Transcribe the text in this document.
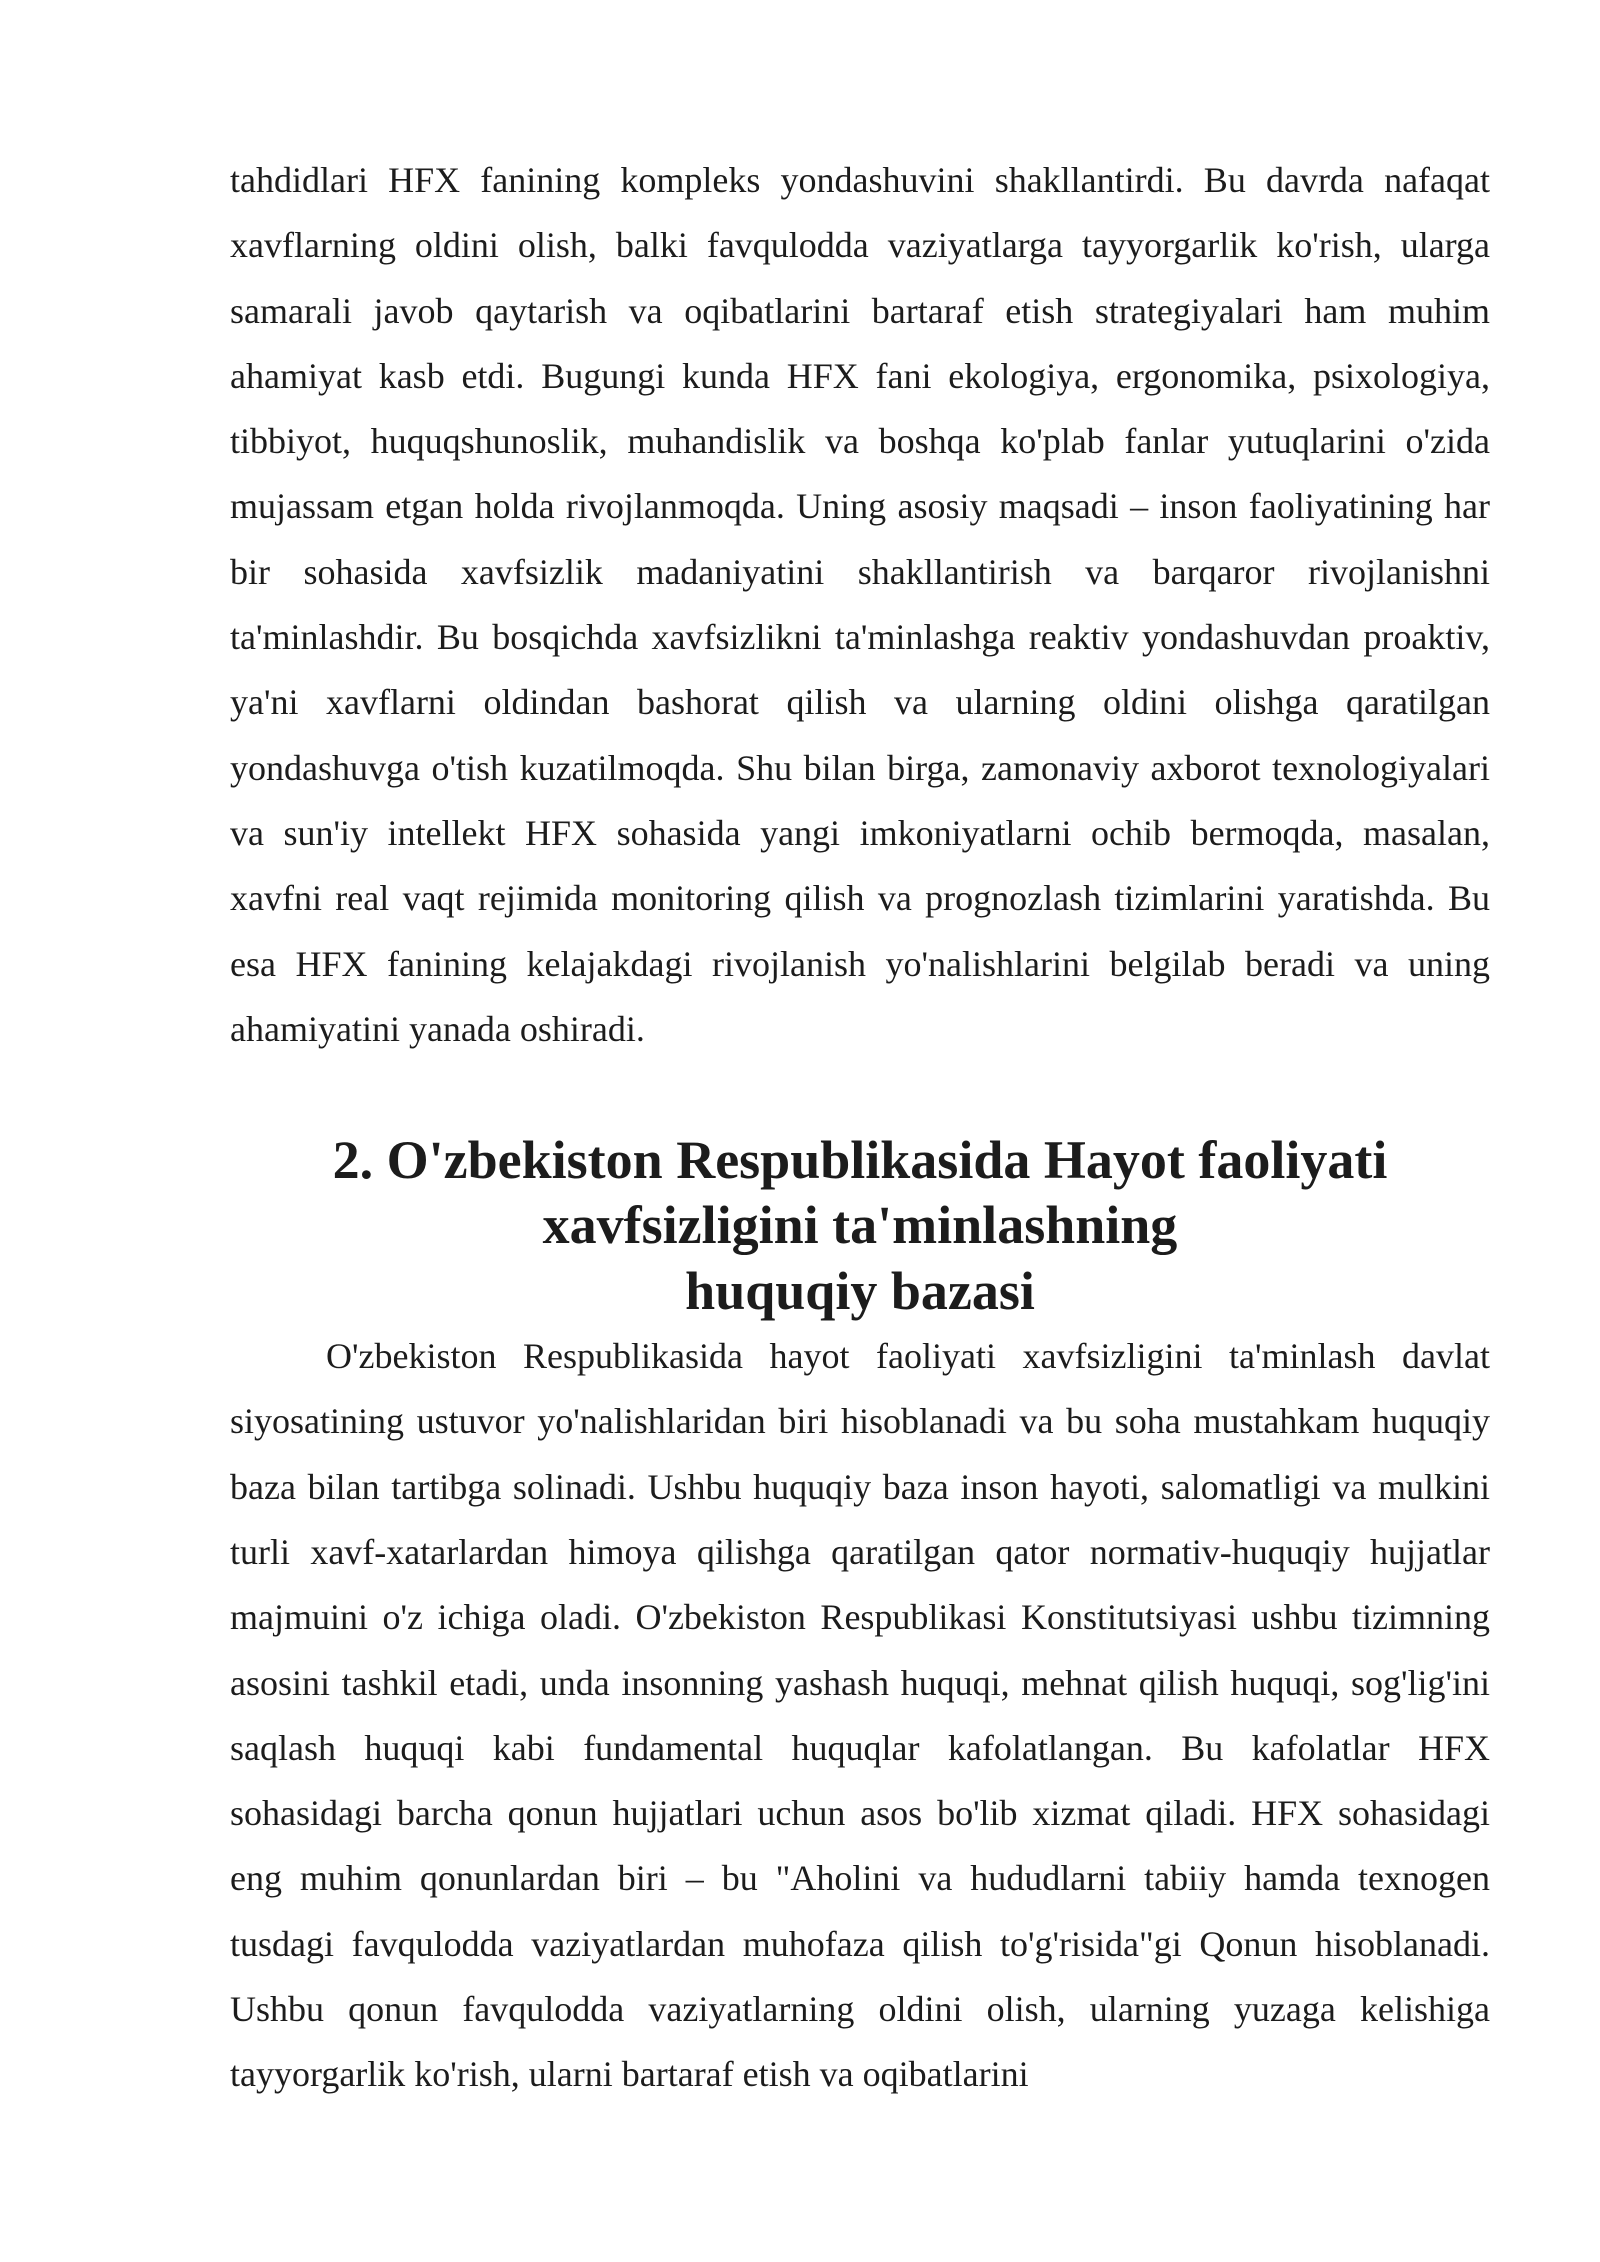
tahdidlari HFX fanining kompleks yondashuvini shakllantirdi. Bu davrda nafaqat xavflarning oldini olish, balki favqulodda vaziyatlarga tayyorgarlik ko'rish, ularga samarali javob qaytarish va oqibatlarini bartaraf etish strategiyalari ham muhim ahamiyat kasb etdi. Bugungi kunda HFX fani ekologiya, ergonomika, psixologiya, tibbiyot, huquqshunoslik, muhandislik va boshqa ko'plab fanlar yutuqlarini o'zida mujassam etgan holda rivojlanmoqda. Uning asosiy maqsadi – inson faoliyatining har bir sohasida xavfsizlik madaniyatini shakllantirish va barqaror rivojlanishni ta'minlashdir. Bu bosqichda xavfsizlikni ta'minlashga reaktiv yondashuvdan proaktiv, ya'ni xavflarni oldindan bashorat qilish va ularning oldini olishga qaratilgan yondashuvga o'tish kuzatilmoqda. Shu bilan birga, zamonaviy axborot texnologiyalari va sun'iy intellekt HFX sohasida yangi imkoniyatlarni ochib bermoqda, masalan, xavfni real vaqt rejimida monitoring qilish va prognozlash tizimlarini yaratishda. Bu esa HFX fanining kelajakdagi rivojlanish yo'nalishlarini belgilab beradi va uning ahamiyatini yanada oshiradi.

2. O'zbekiston Respublikasida Hayot faoliyati xavfsizligini ta'minlashning
huquqiy bazasi

O'zbekiston Respublikasida hayot faoliyati xavfsizligini ta'minlash davlat siyosatining ustuvor yo'nalishlaridan biri hisoblanadi va bu soha mustahkam huquqiy baza bilan tartibga solinadi. Ushbu huquqiy baza inson hayoti, salomatligi va mulkini turli xavf-xatarlardan himoya qilishga qaratilgan qator normativ-huquqiy hujjatlar majmuini o'z ichiga oladi. O'zbekiston Respublikasi Konstitutsiyasi ushbu tizimning asosini tashkil etadi, unda insonning yashash huquqi, mehnat qilish huquqi, sog'lig'ini saqlash huquqi kabi fundamental huquqlar kafolatlangan. Bu kafolatlar HFX sohasidagi barcha qonun hujjatlari uchun asos bo'lib xizmat qiladi. HFX sohasidagi eng muhim qonunlardan biri – bu "Aholini va hududlarni tabiiy hamda texnogen tusdagi favqulodda vaziyatlardan muhofaza qilish to'g'risida"gi Qonun hisoblanadi. Ushbu qonun favqulodda vaziyatlarning oldini olish, ularning yuzaga kelishiga tayyorgarlik ko'rish, ularni bartaraf etish va oqibatlarini
